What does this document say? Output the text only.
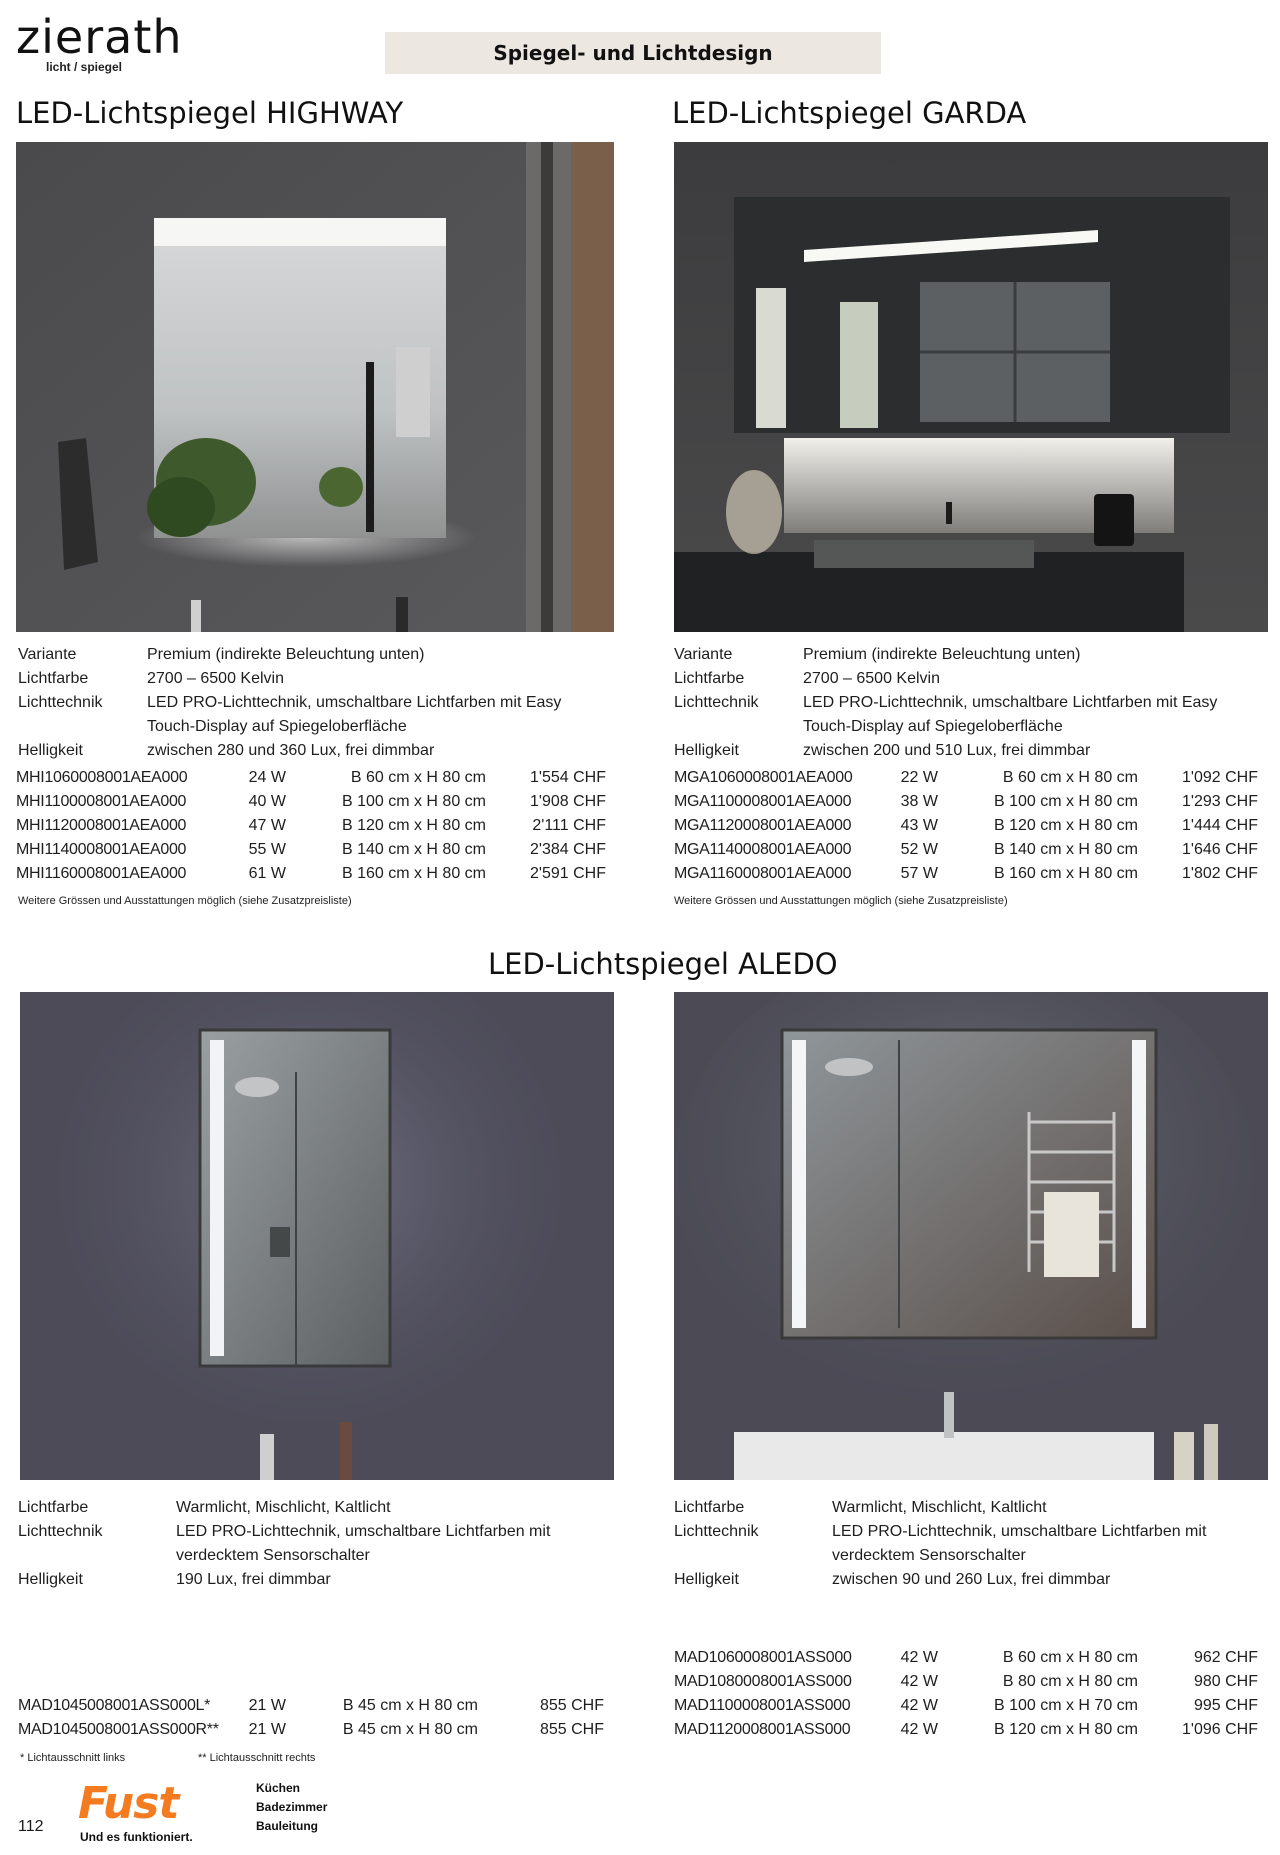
zierath
licht / spiegel
Spiegel- und Lichtdesign
LED-Lichtspiegel HIGHWAY
Variante	Premium (indirekte Beleuchtung unten)
Lichtfarbe	2700 – 6500 Kelvin
Lichttechnik	LED PRO-Lichttechnik, umschaltbare Lichtfarben mit Easy Touch-Display auf Spiegeloberfläche
Helligkeit	zwischen 280 und 360 Lux, frei dimmbar
MHI1060008001AEA000	24 W	B 60 cm x H 80 cm	1'554 CHF
MHI1100008001AEA000	40 W	B 100 cm x H 80 cm	1'908 CHF
MHI1120008001AEA000	47 W	B 120 cm x H 80 cm	2'111 CHF
MHI1140008001AEA000	55 W	B 140 cm x H 80 cm	2'384 CHF
MHI1160008001AEA000	61 W	B 160 cm x H 80 cm	2'591 CHF
Weitere Grössen und Ausstattungen möglich (siehe Zusatzpreisliste)
LED-Lichtspiegel GARDA
Variante	Premium (indirekte Beleuchtung unten)
Lichtfarbe	2700 – 6500 Kelvin
Lichttechnik	LED PRO-Lichttechnik, umschaltbare Lichtfarben mit Easy Touch-Display auf Spiegeloberfläche
Helligkeit	zwischen 200 und 510 Lux, frei dimmbar
MGA1060008001AEA000	22 W	B 60 cm x H 80 cm	1'092 CHF
MGA1100008001AEA000	38 W	B 100 cm x H 80 cm	1'293 CHF
MGA1120008001AEA000	43 W	B 120 cm x H 80 cm	1'444 CHF
MGA1140008001AEA000	52 W	B 140 cm x H 80 cm	1'646 CHF
MGA1160008001AEA000	57 W	B 160 cm x H 80 cm	1'802 CHF
Weitere Grössen und Ausstattungen möglich (siehe Zusatzpreisliste)
LED-Lichtspiegel ALEDO
Lichtfarbe	Warmlicht, Mischlicht, Kaltlicht
Lichttechnik	LED PRO-Lichttechnik, umschaltbare Lichtfarben mit verdecktem Sensorschalter
Helligkeit	190 Lux, frei dimmbar
Lichtfarbe	Warmlicht, Mischlicht, Kaltlicht
Lichttechnik	LED PRO-Lichttechnik, umschaltbare Lichtfarben mit verdecktem Sensorschalter
Helligkeit	zwischen 90 und 260 Lux, frei dimmbar
MAD1045008001ASS000L*	21 W	B 45 cm x H 80 cm	855 CHF
MAD1045008001ASS000R**	21 W	B 45 cm x H 80 cm	855 CHF
* Lichtausschnitt links	** Lichtausschnitt rechts
MAD1060008001ASS000	42 W	B 60 cm x H 80 cm	962 CHF
MAD1080008001ASS000	42 W	B 80 cm x H 80 cm	980 CHF
MAD1100008001ASS000	42 W	B 100 cm x H 70 cm	995 CHF
MAD1120008001ASS000	42 W	B 120 cm x H 80 cm	1'096 CHF
112 Fust
Und es funktioniert.
Küchen
Badezimmer
Bauleitung
